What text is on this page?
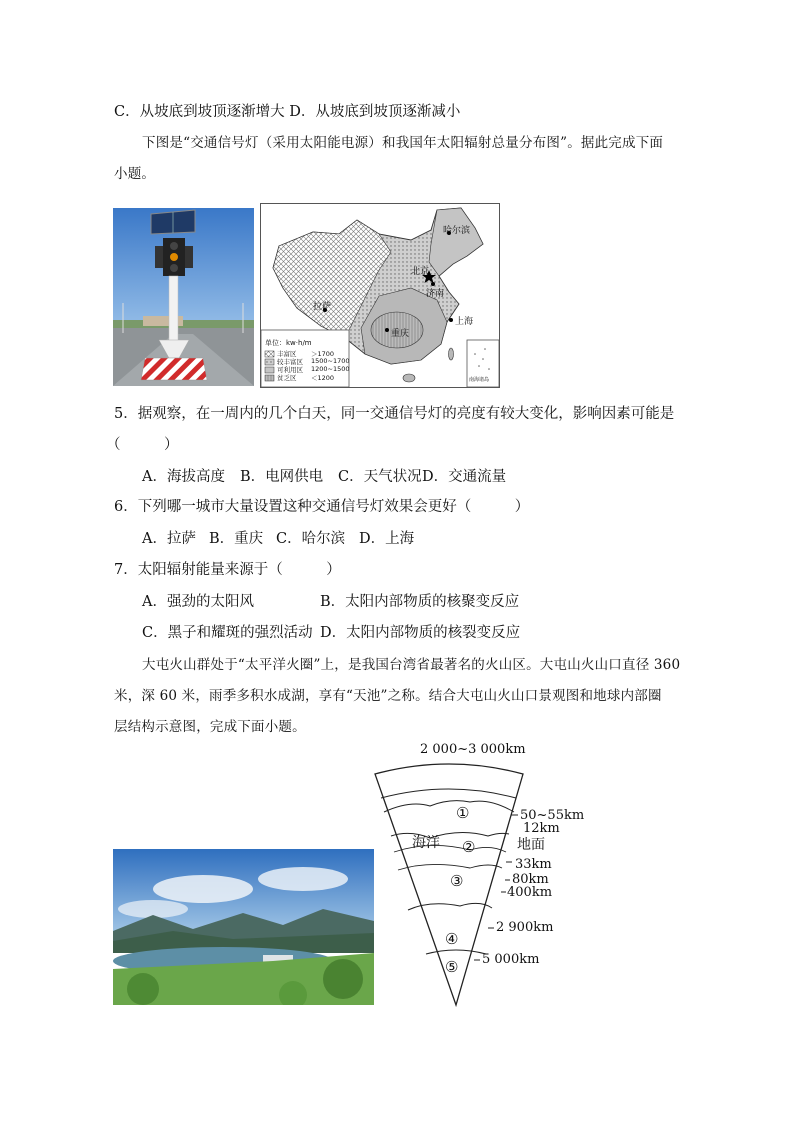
C．从坡底到坡顶逐渐增大 D．从坡底到坡顶逐渐减小
下图是“交通信号灯（采用太阳能电源）和我国年太阳辐射总量分布图”。据此完成下面
小题。
哈尔滨
北京
济南
拉萨
上海
重庆
单位：kw·h/m
丰富区 ＞1700
较丰富区 1500~1700
可利用区 1200~1500
贫乏区 ＜1200	南海诸岛
5．据观察，在一周内的几个白天，同一交通信号灯的亮度有较大变化，影响因素可能是
（　　　）
A．海拔高度 B．电网供电 C．天气状况D．交通流量
6．下列哪一城市大量设置这种交通信号灯效果会更好（　　　）
A．拉萨 B．重庆 C．哈尔滨 D．上海
7．太阳辐射能量来源于（　　　）
A．强劲的太阳风	B．太阳内部物质的核聚变反应
C．黑子和耀斑的强烈活动 D．太阳内部物质的核裂变反应
大屯火山群处于“太平洋火圈”上，是我国台湾省最著名的火山区。大屯山火山口直径 360
米，深 60 米，雨季多积水成湖，享有“天池”之称。结合大屯山火山口景观图和地球内部圈
层结构示意图，完成下面小题。
2 000~3 000km
①
海洋 ②
③
④
⑤
50~55km
12km
地面
33km
80km
400km
2 900km
5 000km
